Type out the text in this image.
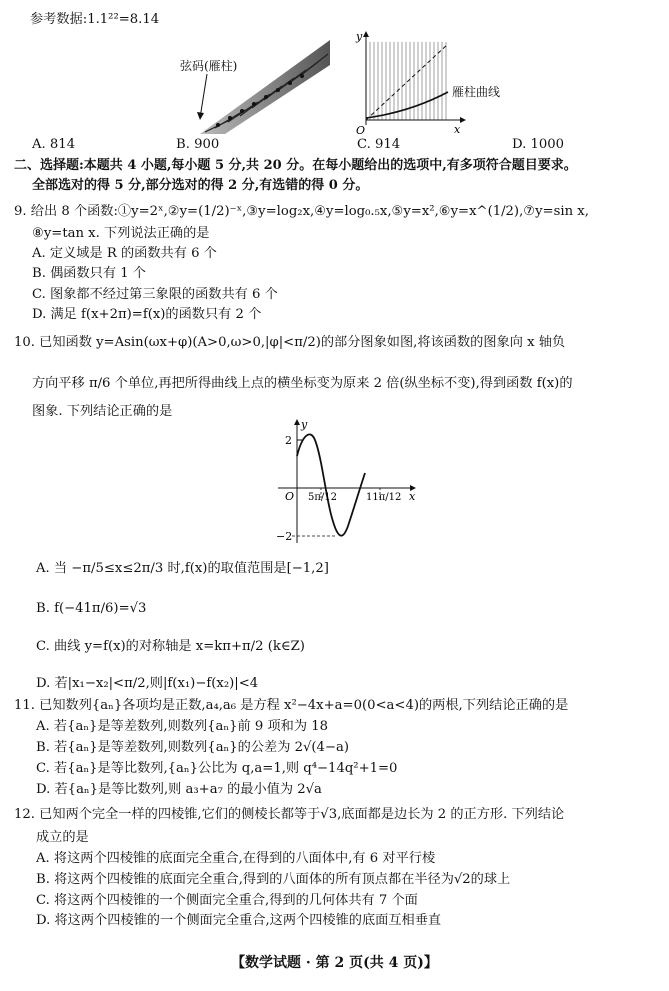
参考数据:1.1²²=8.14
弦码(雁柱)
y
x
O
雁柱曲线
A. 814	B. 900	C. 914	D. 1000
二、选择题:本题共 4 小题,每小题 5 分,共 20 分。在每小题给出的选项中,有多项符合题目要求。
全部选对的得 5 分,部分选对的得 2 分,有选错的得 0 分。
9. 给出 8 个函数:①y=2ˣ,②y=(1/2)⁻ˣ,③y=log₂x,④y=log₀.₅x,⑤y=x²,⑥y=x^(1/2),⑦y=sin x,
⑧y=tan x. 下列说法正确的是
A. 定义域是 R 的函数共有 6 个
B. 偶函数只有 1 个
C. 图象都不经过第三象限的函数共有 6 个
D. 满足 f(x+2π)=f(x)的函数只有 2 个
10. 已知函数 y=Asin(ωx+φ)(A>0,ω>0,|φ|<π/2)的部分图象如图,将该函数的图象向 x 轴负
方向平移 π/6 个单位,再把所得曲线上点的横坐标变为原来 2 倍(纵坐标不变),得到函数 f(x)的
图象. 下列结论正确的是
2
−2
y
x
O 5π/12	11π/12
A. 当 −π/5≤x≤2π/3 时,f(x)的取值范围是[−1,2]
B. f(−41π/6)=√3
C. 曲线 y=f(x)的对称轴是 x=kπ+π/2 (k∈Z)
D. 若|x₁−x₂|<π/2,则|f(x₁)−f(x₂)|<4
11. 已知数列{aₙ}各项均是正数,a₄,a₆ 是方程 x²−4x+a=0(0<a<4)的两根,下列结论正确的是
A. 若{aₙ}是等差数列,则数列{aₙ}前 9 项和为 18
B. 若{aₙ}是等差数列,则数列{aₙ}的公差为 2√(4−a)
C. 若{aₙ}是等比数列,{aₙ}公比为 q,a=1,则 q⁴−14q²+1=0
D. 若{aₙ}是等比数列,则 a₃+a₇ 的最小值为 2√a
12. 已知两个完全一样的四棱锥,它们的侧棱长都等于√3,底面都是边长为 2 的正方形. 下列结论
成立的是
A. 将这两个四棱锥的底面完全重合,在得到的八面体中,有 6 对平行棱
B. 将这两个四棱锥的底面完全重合,得到的八面体的所有顶点都在半径为√2的球上
C. 将这两个四棱锥的一个侧面完全重合,得到的几何体共有 7 个面
D. 将这两个四棱锥的一个侧面完全重合,这两个四棱锥的底面互相垂直
【数学试题 · 第 2 页(共 4 页)】
